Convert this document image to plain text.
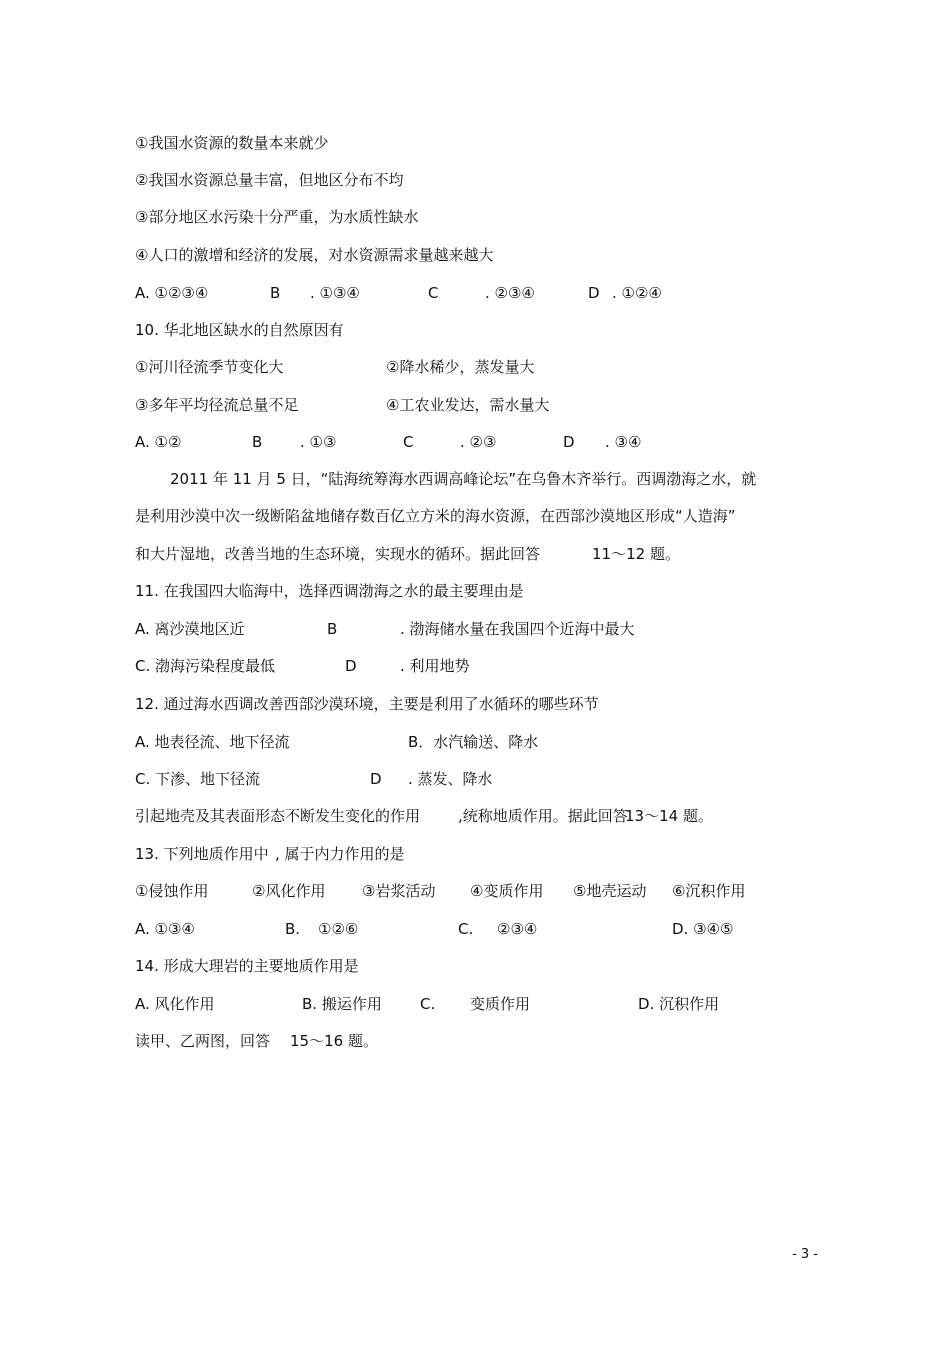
①我国水资源的数量本来就少
②我国水资源总量丰富，但地区分布不均
③部分地区水污染十分严重，为水质性缺水
④人口的激增和经济的发展，对水资源需求量越来越大
A. ①②③④	B . ①③④	C	. ②③④	D . ①②④
10. 华北地区缺水的自然原因有
①河川径流季节变化大	②降水稀少，蒸发量大
③多年平均径流总量不足	④工农业发达，需水量大
A. ①②	B	. ①③	C	. ②③	D . ③④
2011 年 11 月 5 日，“陆海统筹海水西调高峰论坛”在乌鲁木齐举行。西调渤海之水，就
是利用沙漠中次一级断陷盆地储存数百亿立方米的海水资源，在西部沙漠地区形成“人造海”
和大片湿地，改善当地的生态环境，实现水的循环。据此回答	11～12 题。
11. 在我国四大临海中，选择西调渤海之水的最主要理由是
A. 离沙漠地区近	B	. 渤海储水量在我国四个近海中最大
C. 渤海污染程度最低	D	. 利用地势
12. 通过海水西调改善西部沙漠环境，主要是利用了水循环的哪些环节
A. 地表径流、地下径流	B．水汽输送、降水
C. 下渗、地下径流	D . 蒸发、降水
引起地壳及其表面形态不断发生变化的作用	,统称地质作用。据此回答
13～14 题。
13. 下列地质作用中 , 属于内力作用的是
①侵蚀作用	②风化作用 ③岩浆活动 ④变质作用 ⑤地壳运动 ⑥沉积作用
A. ①③④	B. ①②⑥	C. ②③④	D. ③④⑤
14. 形成大理岩的主要地质作用是
A. 风化作用	B. 搬运作用	C. 变质作用	D. 沉积作用
读甲、乙两图，回答 15～16 题。
- 3 -
